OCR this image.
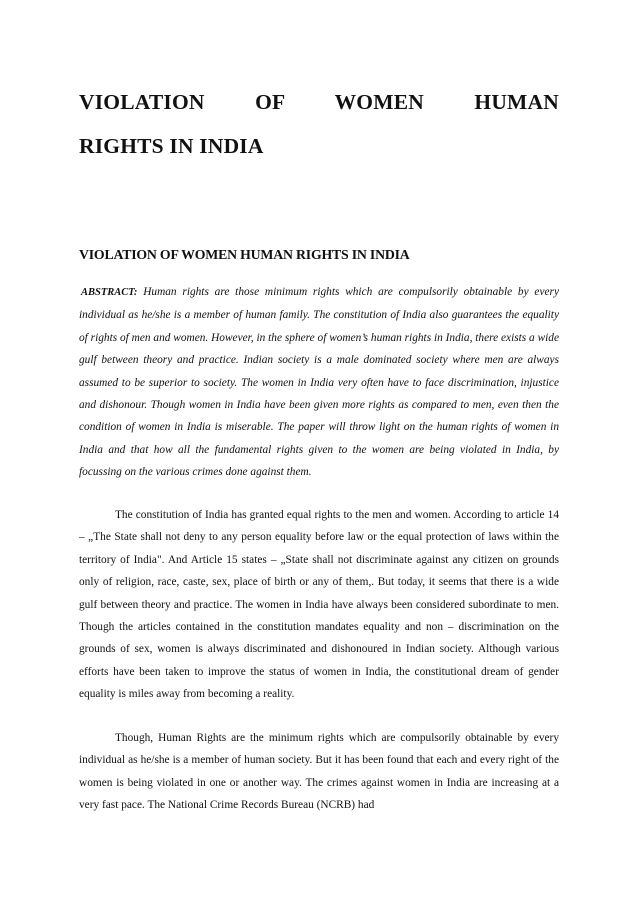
VIOLATION OF WOMEN HUMAN
RIGHTS IN INDIA
VIOLATION OF WOMEN HUMAN RIGHTS IN INDIA

ABSTRACT: Human rights are those minimum rights which are compulsorily obtainable by every individual as he/she is a member of human family. The constitution of India also guarantees the equality of rights of men and women. However, in the sphere of women’s human rights in India, there exists a wide gulf between theory and practice. Indian society is a male dominated society where men are always assumed to be superior to society. The women in India very often have to face discrimination, injustice and dishonour. Though women in India have been given more rights as compared to men, even then the condition of women in India is miserable. The paper will throw light on the human rights of women in India and that how all the fundamental rights given to the women are being violated in India, by focussing on the various crimes done against them.

The constitution of India has granted equal rights to the men and women. According to article 14 – „The State shall not deny to any person equality before law or the equal protection of laws within the territory of India". And Article 15 states – „State shall not discriminate against any citizen on grounds only of religion, race, caste, sex, place of birth or any of them,. But today, it seems that there is a wide gulf between theory and practice. The women in India have always been considered subordinate to men. Though the articles contained in the constitution mandates equality and non – discrimination on the grounds of sex, women is always discriminated and dishonoured in Indian society. Although various efforts have been taken to improve the status of women in India, the constitutional dream of gender equality is miles away from becoming a reality.

Though, Human Rights are the minimum rights which are compulsorily obtainable by every individual as he/she is a member of human society. But it has been found that each and every right of the women is being violated in one or another way. The crimes against women in India are increasing at a very fast pace. The National Crime Records Bureau (NCRB) had
